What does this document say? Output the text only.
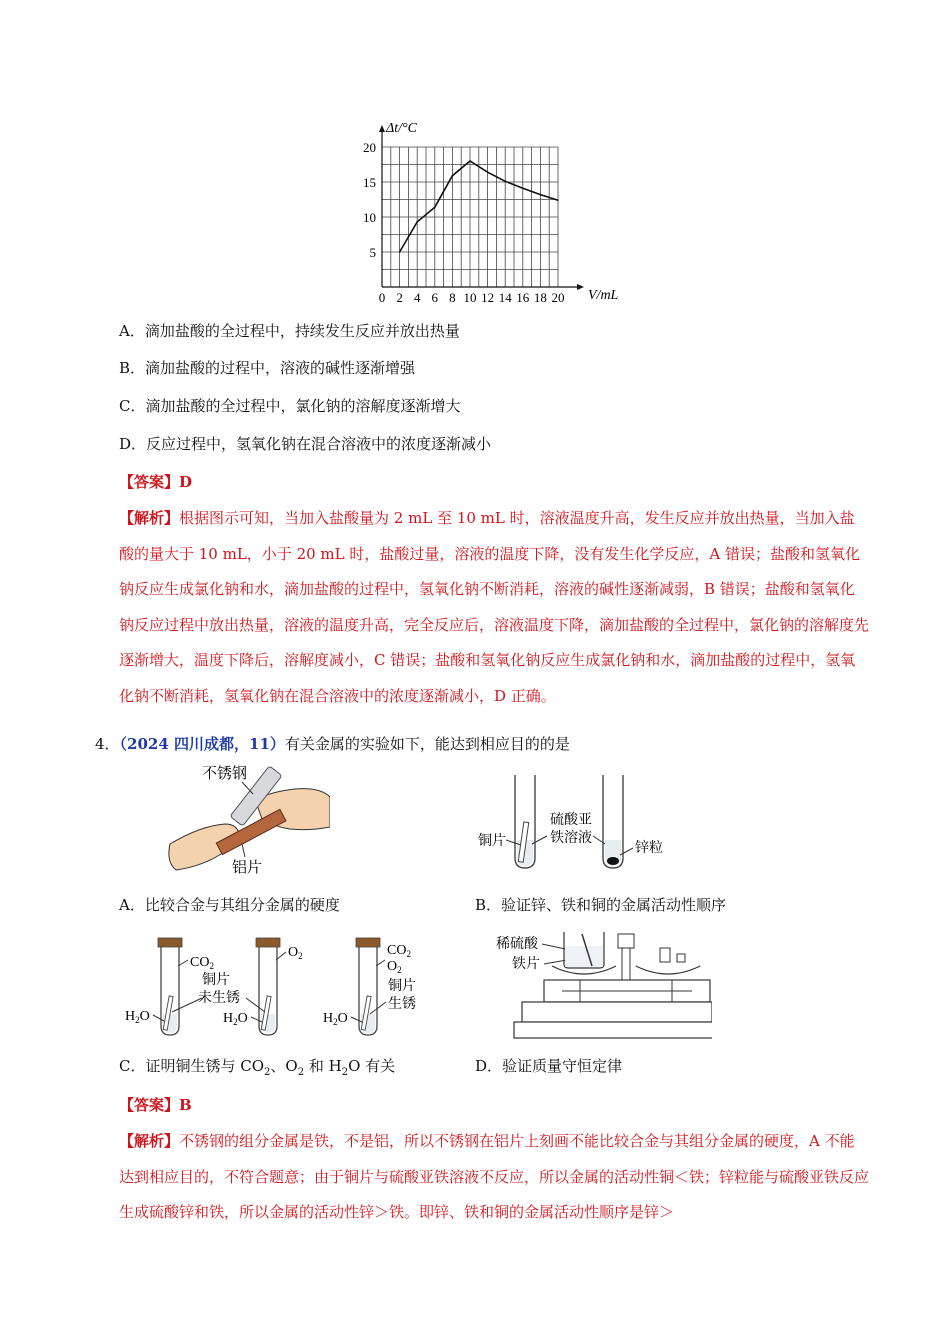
0 2 4 6 8 10 12 14 16 18 20
5
10
15
20
Δt/°C
V/mL
A．滴加盐酸的全过程中，持续发生反应并放出热量
B．滴加盐酸的过程中，溶液的碱性逐渐增强
C．滴加盐酸的全过程中，氯化钠的溶解度逐渐增大
D．反应过程中，氢氧化钠在混合溶液中的浓度逐渐减小
【答案】D
【解析】根据图示可知，当加入盐酸量为 2 mL 至 10 mL 时，溶液温度升高，发生反应并放出热量，当加入盐酸的量大于 10 mL，小于 20 mL 时，盐酸过量，溶液的温度下降，没有发生化学反应，A 错误；盐酸和氢氧化钠反应生成氯化钠和水，滴加盐酸的过程中，氢氧化钠不断消耗，溶液的碱性逐渐减弱，B 错误；盐酸和氢氧化钠反应过程中放出热量，溶液的温度升高，完全反应后，溶液温度下降，滴加盐酸的全过程中，氯化钠的溶解度先逐渐增大，温度下降后，溶解度减小，C 错误；盐酸和氢氧化钠反应生成氯化钠和水，滴加盐酸的过程中，氢氧化钠不断消耗，氢氧化钠在混合溶液中的浓度逐渐减小，D 正确。
4．（2024 四川成都，11）有关金属的实验如下，能达到相应目的的是
不锈钢
铝片
A．比较合金与其组分金属的硬度
铜片
硫酸亚
铁溶液
锌粒
B．验证锌、铁和铜的金属活动性顺序
$CO_2$
$H_2O$
$O_2$
铜片
未生锈
$H_2O$
$CO_2$
$O_2$
铜片
生锈
$H_2O$
C．证明铜生锈与 $CO_2$、$O_2$ 和 $H_2O$ 有关
稀硫酸
铁片
D．验证质量守恒定律
【答案】B
【解析】不锈钢的组分金属是铁，不是铝，所以不锈钢在铝片上刻画不能比较合金与其组分金属的硬度，A 不能达到相应目的，不符合题意；由于铜片与硫酸亚铁溶液不反应，所以金属的活动性铜＜铁；锌粒能与硫酸亚铁反应生成硫酸锌和铁，所以金属的活动性锌＞铁。即锌、铁和铜的金属活动性顺序是锌＞
